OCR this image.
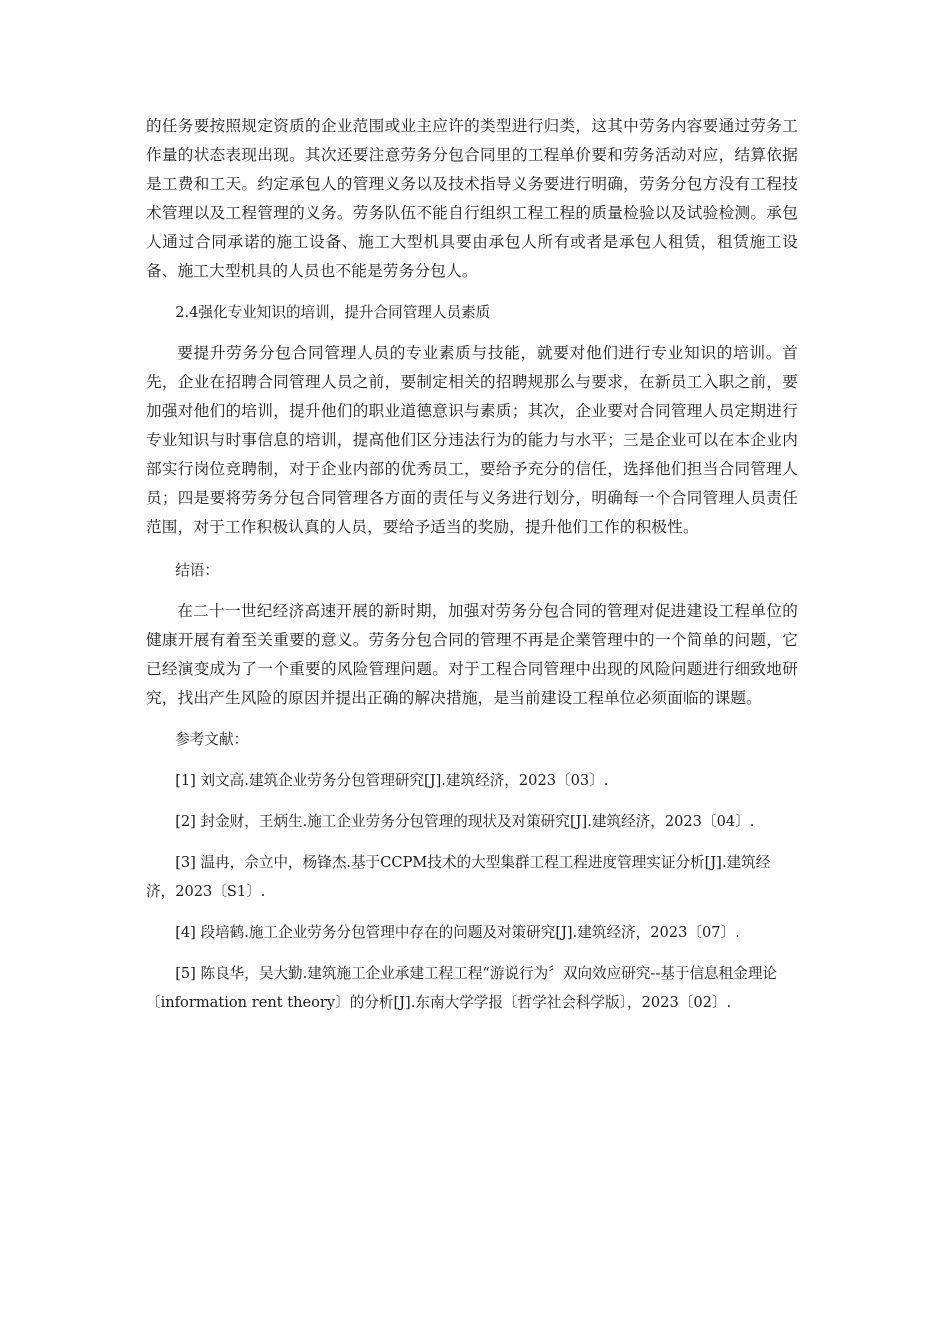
的任务要按照规定资质的企业范围或业主应许的类型进行归类，这其中劳务内容要通过劳务工作量的状态表现出现。其次还要注意劳务分包合同里的工程单价要和劳务活动对应，结算依据是工费和工天。约定承包人的管理义务以及技术指导义务要进行明确，劳务分包方没有工程技术管理以及工程管理的义务。劳务队伍不能自行组织工程工程的质量检验以及试验检测。承包人通过合同承诺的施工设备、施工大型机具要由承包人所有或者是承包人租赁，租赁施工设备、施工大型机具的人员也不能是劳务分包人。

2.4强化专业知识的培训，提升合同管理人员素质

要提升劳务分包合同管理人员的专业素质与技能，就要对他们进行专业知识的培训。首先，企业在招聘合同管理人员之前，要制定相关的招聘规那么与要求，在新员工入职之前，要加强对他们的培训，提升他们的职业道德意识与素质；其次，企业要对合同管理人员定期进行专业知识与时事信息的培训，提高他们区分违法行为的能力与水平；三是企业可以在本企业内部实行岗位竞聘制，对于企业内部的优秀员工，要给予充分的信任，选择他们担当合同管理人员；四是要将劳务分包合同管理各方面的责任与义务进行划分，明确每一个合同管理人员责任范围，对于工作积极认真的人员，要给予适当的奖励，提升他们工作的积极性。

结语：

在二十一世纪经济高速开展的新时期，加强对劳务分包合同的管理对促进建设工程单位的健康开展有着至关重要的意义。劳务分包合同的管理不再是企業管理中的一个简单的问题，它已经演变成为了一个重要的风险管理问题。对于工程合同管理中出现的风险问题进行细致地研究，找出产生风险的原因并提出正确的解决措施，是当前建设工程单位必须面临的课题。

参考文献：

[1] 刘文高.建筑企业劳务分包管理研究[J].建筑经济，2023〔03〕.

[2] 封金财，王炳生.施工企业劳务分包管理的现状及对策研究[J].建筑经济，2023〔04〕.

[3] 温冉，佘立中，杨锋杰.基于CCPM技术的大型集群工程工程进度管理实证分析[J].建筑经济，2023〔S1〕.

[4] 段培鹤.施工企业劳务分包管理中存在的问题及对策研究[J].建筑经济，2023〔07〕.

[5] 陈良华，吴大勤.建筑施工企业承建工程工程“游说行为〞双向效应研究--基于信息租金理论〔information rent theory〕的分析[J].东南大学学报〔哲学社会科学版〕，2023〔02〕.
